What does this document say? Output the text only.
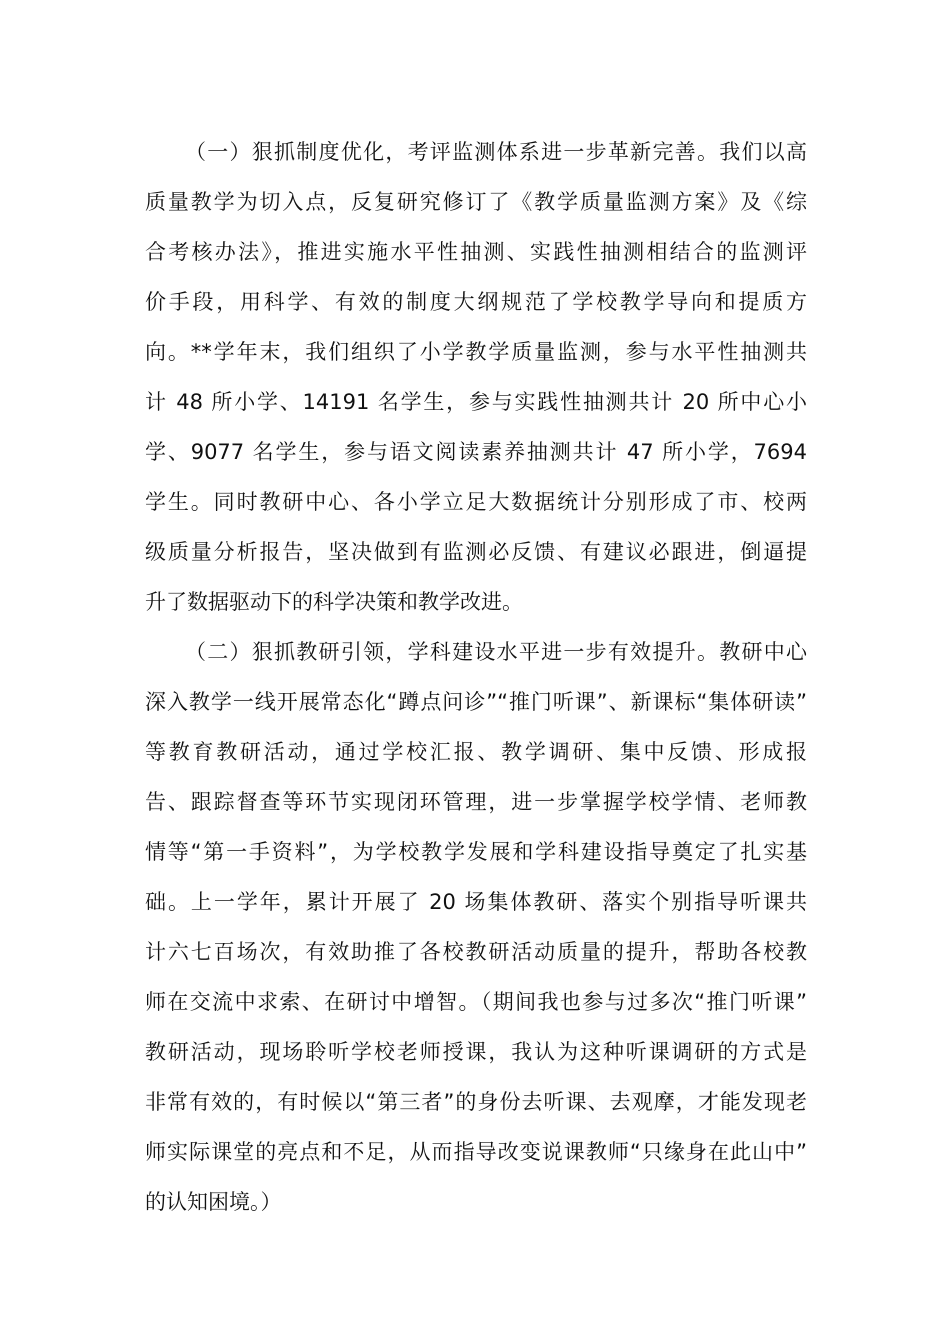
（一）狠抓制度优化，考评监测体系进一步革新完善。我们以高
质量教学为切入点，反复研究修订了《教学质量监测方案》及《综
合考核办法》，推进实施水平性抽测、实践性抽测相结合的监测评
价手段，用科学、有效的制度大纲规范了学校教学导向和提质方
向。**学年末，我们组织了小学教学质量监测，参与水平性抽测共
计 48 所小学、14191 名学生，参与实践性抽测共计 20 所中心小
学、9077 名学生，参与语文阅读素养抽测共计 47 所小学，7694
学生。同时教研中心、各小学立足大数据统计分别形成了市、校两
级质量分析报告，坚决做到有监测必反馈、有建议必跟进，倒逼提
升了数据驱动下的科学决策和教学改进。
（二）狠抓教研引领，学科建设水平进一步有效提升。教研中心
深入教学一线开展常态化“蹲点问诊”“推门听课”、新课标“集体研读”
等教育教研活动，通过学校汇报、教学调研、集中反馈、形成报
告、跟踪督查等环节实现闭环管理，进一步掌握学校学情、老师教
情等“第一手资料”，为学校教学发展和学科建设指导奠定了扎实基
础。上一学年，累计开展了 20 场集体教研、落实个别指导听课共
计六七百场次，有效助推了各校教研活动质量的提升，帮助各校教
师在交流中求索、在研讨中增智。（期间我也参与过多次“推门听课”
教研活动，现场聆听学校老师授课，我认为这种听课调研的方式是
非常有效的，有时候以“第三者”的身份去听课、去观摩，才能发现老
师实际课堂的亮点和不足，从而指导改变说课教师“只缘身在此山中”
的认知困境。）
